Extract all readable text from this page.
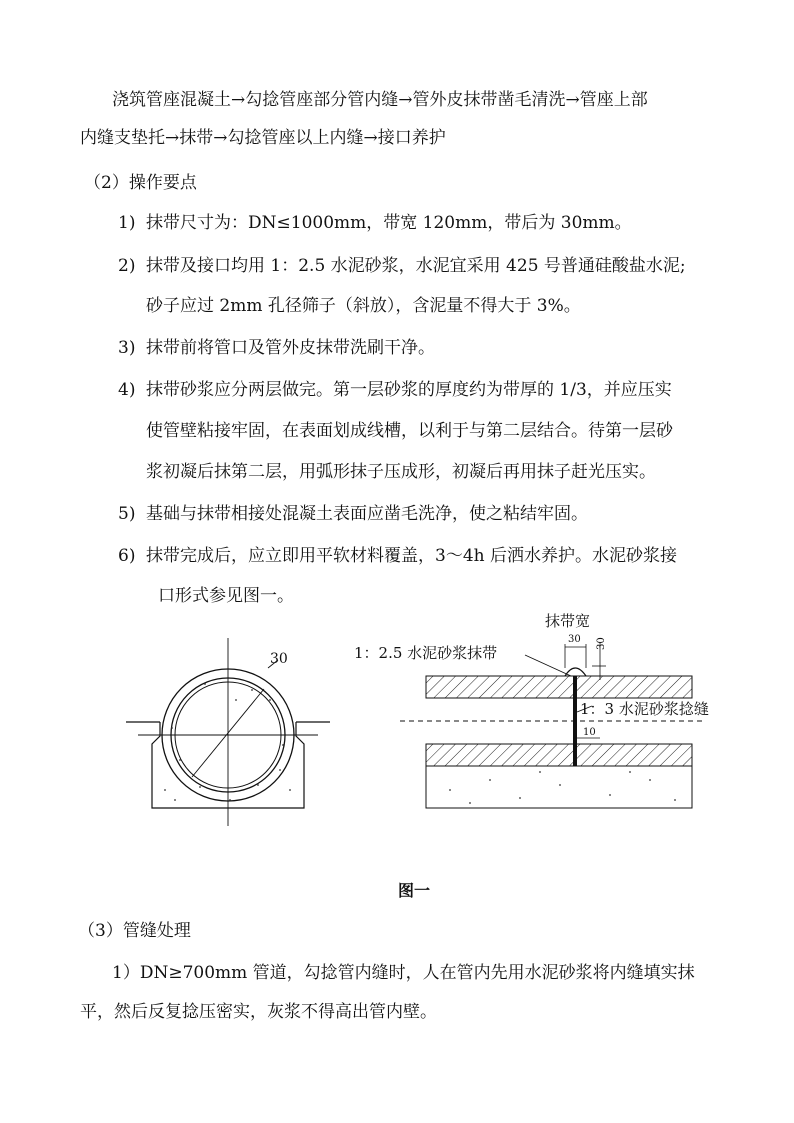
浇筑管座混凝土→勾捻管座部分管内缝→管外皮抹带凿毛清洗→管座上部
内缝支垫托→抹带→勾捻管座以上内缝→接口养护
（2）操作要点
1) 抹带尺寸为：DN≤1000mm，带宽 120mm，带后为 30mm。
2) 抹带及接口均用 1：2.5 水泥砂浆，水泥宜采用 425 号普通硅酸盐水泥;
砂子应过 2mm 孔径筛子（斜放），含泥量不得大于 3%。
3) 抹带前将管口及管外皮抹带洗刷干净。
4) 抹带砂浆应分两层做完。第一层砂浆的厚度约为带厚的 1/3，并应压实
使管壁粘接牢固，在表面划成线槽，以利于与第二层结合。待第一层砂
浆初凝后抹第二层，用弧形抹子压成形，初凝后再用抹子赶光压实。
5) 基础与抹带相接处混凝土表面应凿毛洗净，使之粘结牢固。
6) 抹带完成后，应立即用平软材料覆盖，3～4h 后洒水养护。水泥砂浆接
口形式参见图一。
30
抹带宽
1：2.5 水泥砂浆抹带
1：3 水泥砂浆捻缝
30 30
10
图一
（3）管缝处理
1）DN≥700mm 管道，勾捻管内缝时，人在管内先用水泥砂浆将内缝填实抹
平，然后反复捻压密实，灰浆不得高出管内壁。
